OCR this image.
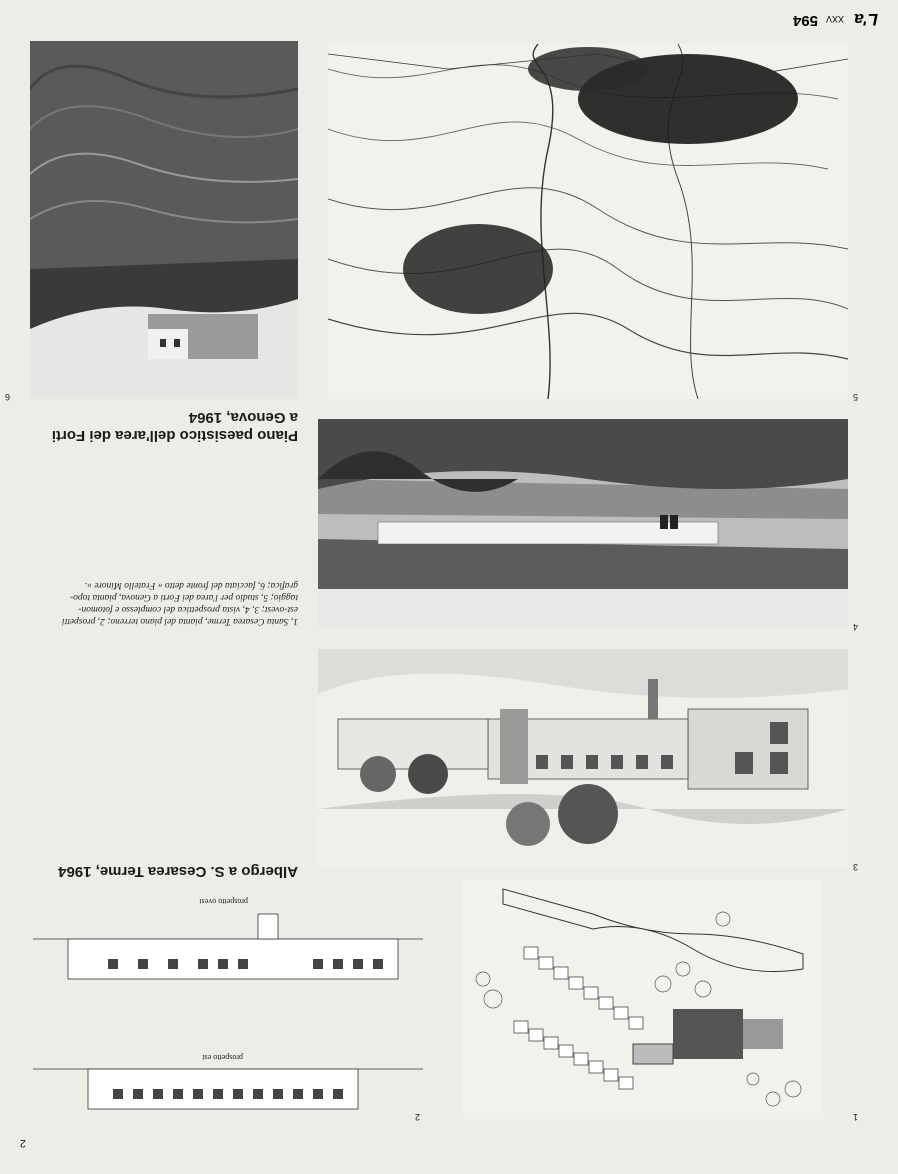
L'a
XXV
594
5
6
Piano paesistico dell'area dei Forti
a Genova, 1964
4
1, Santa Cesarea Terme, pianta del piano terreno; 2, prospetti
est-ovest; 3, 4, vista prospettica del complesso e fotomon-
taggio; 5, studio per l'area dei Forti a Genova, pianta topo-
grafica; 6, facciata del fronte detto « Fratello Minore ».
3
Albergo a S. Cesarea Terme, 1964
1
prospetto est
prospetto ovest
2
2
